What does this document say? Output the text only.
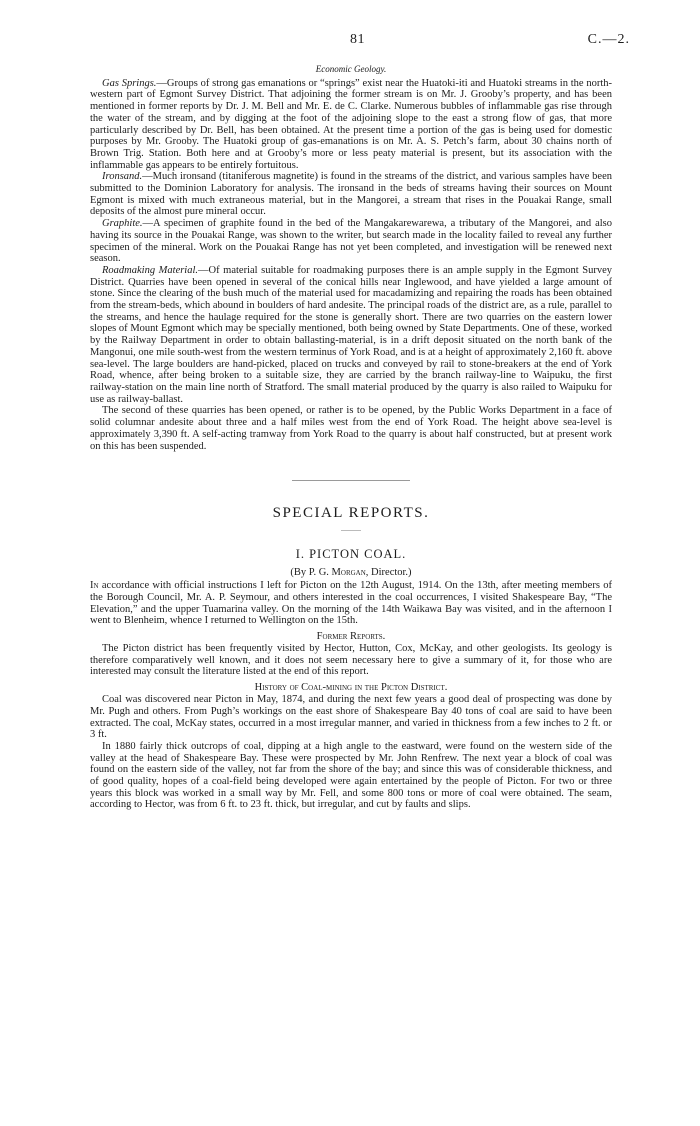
81	C.—2.

Economic Geology.

Gas Springs.—Groups of strong gas emanations or “springs” exist near the Huatoki-iti and Huatoki streams in the north-western part of Egmont Survey District. That adjoining the former stream is on Mr. J. Grooby’s property, and has been mentioned in former reports by Dr. J. M. Bell and Mr. E. de C. Clarke. Numerous bubbles of inflammable gas rise through the water of the stream, and by digging at the foot of the adjoining slope to the east a strong flow of gas, that more particularly described by Dr. Bell, has been obtained. At the present time a portion of the gas is being used for domestic purposes by Mr. Grooby. The Huatoki group of gas-emanations is on Mr. A. S. Petch’s farm, about 30 chains north of Brown Trig. Station. Both here and at Grooby’s more or less peaty material is present, but its association with the inflammable gas appears to be entirely fortuitous.

Ironsand.—Much ironsand (titaniferous magnetite) is found in the streams of the district, and various samples have been submitted to the Dominion Laboratory for analysis. The ironsand in the beds of streams having their sources on Mount Egmont is mixed with much extraneous material, but in the Mangorei, a stream that rises in the Pouakai Range, small deposits of the almost pure mineral occur.

Graphite.—A specimen of graphite found in the bed of the Mangakarewarewa, a tributary of the Mangorei, and also having its source in the Pouakai Range, was shown to the writer, but search made in the locality failed to reveal any further specimen of the mineral. Work on the Pouakai Range has not yet been completed, and investigation will be renewed next season.

Roadmaking Material.—Of material suitable for roadmaking purposes there is an ample supply in the Egmont Survey District. Quarries have been opened in several of the conical hills near Inglewood, and have yielded a large amount of stone. Since the clearing of the bush much of the material used for macadamizing and repairing the roads has been obtained from the stream-beds, which abound in boulders of hard andesite. The principal roads of the district are, as a rule, parallel to the streams, and hence the haulage required for the stone is generally short. There are two quarries on the eastern lower slopes of Mount Egmont which may be specially mentioned, both being owned by State Departments. One of these, worked by the Railway Department in order to obtain ballasting-material, is in a drift deposit situated on the north bank of the Mangonui, one mile south-west from the western terminus of York Road, and is at a height of approximately 2,160 ft. above sea-level. The large boulders are hand-picked, placed on trucks and conveyed by rail to stone-breakers at the end of York Road, whence, after being broken to a suitable size, they are carried by the branch railway-line to Waipuku, the first railway-station on the main line north of Stratford. The small material produced by the quarry is also railed to Waipuku for use as railway-ballast.

The second of these quarries has been opened, or rather is to be opened, by the Public Works Department in a face of solid columnar andesite about three and a half miles west from the end of York Road. The height above sea-level is approximately 3,390 ft. A self-acting tramway from York Road to the quarry is about half constructed, but at present work on this has been suspended.

SPECIAL REPORTS.
I. PICTON COAL.
(By P. G. Morgan, Director.)

In accordance with official instructions I left for Picton on the 12th August, 1914. On the 13th, after meeting members of the Borough Council, Mr. A. P. Seymour, and others interested in the coal occurrences, I visited Shakespeare Bay, “The Elevation,” and the upper Tuamarina valley. On the morning of the 14th Waikawa Bay was visited, and in the afternoon I went to Blenheim, whence I returned to Wellington on the 15th.

Former Reports.

The Picton district has been frequently visited by Hector, Hutton, Cox, McKay, and other geologists. Its geology is therefore comparatively well known, and it does not seem necessary here to give a summary of it, for those who are interested may consult the literature listed at the end of this report.

History of Coal-mining in the Picton District.

Coal was discovered near Picton in May, 1874, and during the next few years a good deal of prospecting was done by Mr. Pugh and others. From Pugh’s workings on the east shore of Shakespeare Bay 40 tons of coal are said to have been extracted. The coal, McKay states, occurred in a most irregular manner, and varied in thickness from a few inches to 2 ft. or 3 ft.

In 1880 fairly thick outcrops of coal, dipping at a high angle to the eastward, were found on the western side of the valley at the head of Shakespeare Bay. These were prospected by Mr. John Renfrew. The next year a block of coal was found on the eastern side of the valley, not far from the shore of the bay; and since this was of considerable thickness, and of good quality, hopes of a coal-field being developed were again entertained by the people of Picton. For two or three years this block was worked in a small way by Mr. Fell, and some 800 tons or more of coal were obtained. The seam, according to Hector, was from 6 ft. to 23 ft. thick, but irregular, and cut by faults and slips.
